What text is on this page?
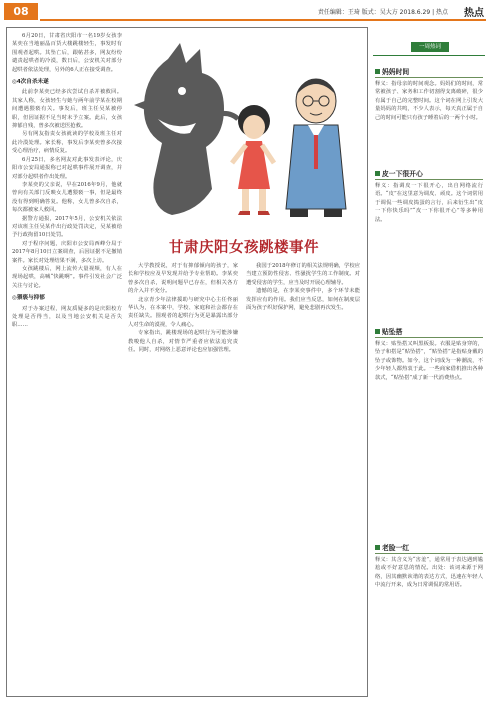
08	责任编辑：王琦 版式：吴大方 2018.6.29 | 热点 热点

6月20日，甘肃省庆阳市一名19岁女孩李某奕在当地丽晶百货大楼跳楼轻生，事发时有围观者起哄。其坠亡后，跟帖甚多，网友纷纷谴责起哄者的冷漠，数日后，公安机关对部分起哄者依法处理，另外的6人正在接受调查。

◎4次自杀未遂

此前李某奕已经多次尝试自杀并被救回。其家人称，女孩轻生与她与两年前学某在校期间遭遇猥亵有关。事发后，班主任吴某被停职，但因证据不足当时未予立案。此后，女孩抑郁自残，曾多次被送医抢救。

另有网友指责女孩就读的学校及班主任对此冷漠处理。家长称，事发后李某奕曾多次接受心理治疗，病情反复。

6月25日，多名网友对此事发表评论，庆阳市公安局通报称已对起哄事件展开调查，并对部分起哄者作出处理。

李某奕的父亲说，早在2016年9月，他就曾向有关部门反映女儿遭猥亵一事，但是最终没有得到明确答复。他称，女儿曾多次自杀，每次都被家人救回。

据警方通报，2017年5月，公安机关依法对该班主任吴某作出行政处罚决定，吴某被给予行政拘留10日处罚。

对于程序问题，庆阳市公安局西峰分局于2017年8月10日立案调查，后因证据不足撤销案件。家长对处理结果不满，多次上访。

女孩跳楼后，网上流传大量视频，有人在现场起哄，高喊“快跳啊”。事件引发社会广泛关注与讨论。

◎猥亵与抑郁

对于办案过程，网友质疑多的是庆阳校方处理是否得当，以及当地公安机关是否失职……

甘肃庆阳女孩跳楼事件

大学教授说，对于有抑郁倾向的孩子，家长和学校应及早发现并给予专业帮助。李某奕曾多次自杀，说明问题早已存在，但相关各方的介入并不充分。

北京青少年法律援助与研究中心主任佟丽华认为，在本案中，学校、家庭和社会都存在责任缺失。围观者的起哄行为更是暴露出部分人对生命的漠视，令人痛心。

专家指出，跳楼现场的起哄行为可能涉嫌教唆他人自杀，对情节严重者应依法追究责任。同时，对网络上恶意评论也应加强管理。

我国于2018年修订的相关法规明确，学校应当建立预防性侵害、性骚扰学生的工作制度。对遭受侵害的学生，应当及时开展心理辅导。

遗憾的是，在李某奕事件中，多个环节未能发挥应有的作用。我们应当反思，如何在制度层面为孩子织好保护网，避免悲剧再次发生。

一周热词
妈妈时间
释义：指母亲的时间观念。妈妈们的时间，常常被孩子、家务和工作切割得支离破碎，很少有属于自己的完整时间。这个词在网上引发大量妈妈的共鸣，不少人表示，每天真正属于自己的时间可能只有孩子睡着后的一两个小时。
皮一下很开心
释义：指调皮一下很开心，出自网络流行语。“皮”在这里意为调皮、顽皮。这个词常用于调侃一些调皮捣蛋的言行，后来衍生出“皮一下你快乐吗”“皮一下你很开心”等多种用法。
贴坠搭
释义：贴坠搭又叫黑板报。衣服是贴身穿的，坠子和搭是“贴坠搭”，“贴坠搭”是指贴身戴的坠子或饰物。如今，这个词成为一种潮流，不少年轻人都热衷于此。一些商家借机推出各种款式，“贴坠搭”成了新一代消费热点。
老脸一红
释义：其含义为“害羞”，通常用于表达遇到尴尬或不好意思的情况。出处：该词来源于网络，因其幽默诙谐的表达方式，迅速在年轻人中流行开来，成为日常调侃的常用语。
